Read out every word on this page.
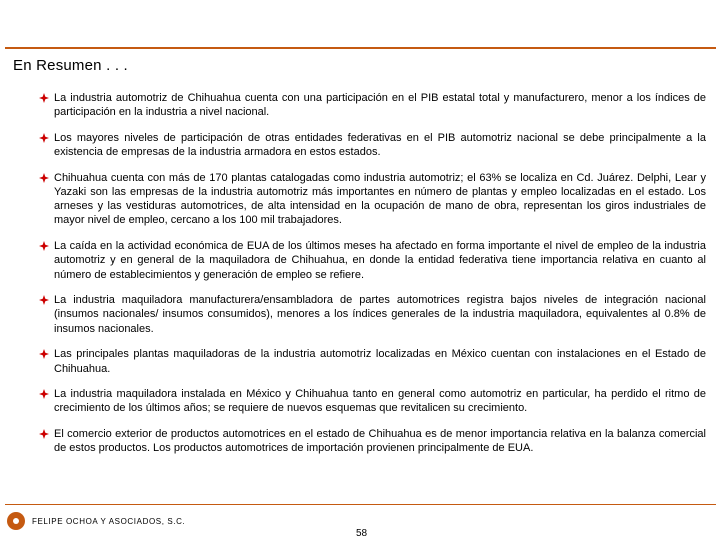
En Resumen . . .
La industria automotriz de Chihuahua cuenta con una participación en el PIB estatal total y manufacturero, menor a los índices de participación en la industria a nivel nacional.
Los mayores niveles de participación de otras entidades federativas en el PIB automotriz nacional se debe principalmente a la existencia de empresas de la industria armadora en estos estados.
Chihuahua cuenta con más de 170 plantas catalogadas como industria automotriz; el 63% se localiza en Cd. Juárez. Delphi, Lear y Yazaki son las empresas de la industria automotriz más importantes en número de plantas y empleo localizadas en el estado. Los arneses y las vestiduras automotrices, de alta intensidad en la ocupación de mano de obra, representan los giros industriales de mayor nivel de empleo, cercano a los 100 mil trabajadores.
La caída en la actividad económica de EUA de los últimos meses ha afectado en forma importante el nivel de empleo de la industria automotriz y en general de la maquiladora de Chihuahua, en donde la entidad federativa tiene importancia relativa en cuanto al número de establecimientos y generación de empleo se refiere.
La industria maquiladora manufacturera/ensambladora de partes automotrices registra bajos niveles de integración nacional (insumos nacionales/ insumos consumidos), menores a los índices generales de la industria maquiladora, equivalentes al 0.8% de insumos nacionales.
Las principales plantas maquiladoras de la industria automotriz localizadas en México cuentan con instalaciones en el Estado de Chihuahua.
La industria maquiladora instalada en México y Chihuahua tanto en general como automotriz en particular, ha perdido el ritmo de crecimiento de los últimos años; se requiere de nuevos esquemas que revitalicen su crecimiento.
El comercio exterior de productos automotrices en el estado de Chihuahua es de menor importancia relativa en la balanza comercial de estos productos. Los productos automotrices de importación provienen principalmente de EUA.
FELIPE OCHOA Y ASOCIADOS, S.C.
58
